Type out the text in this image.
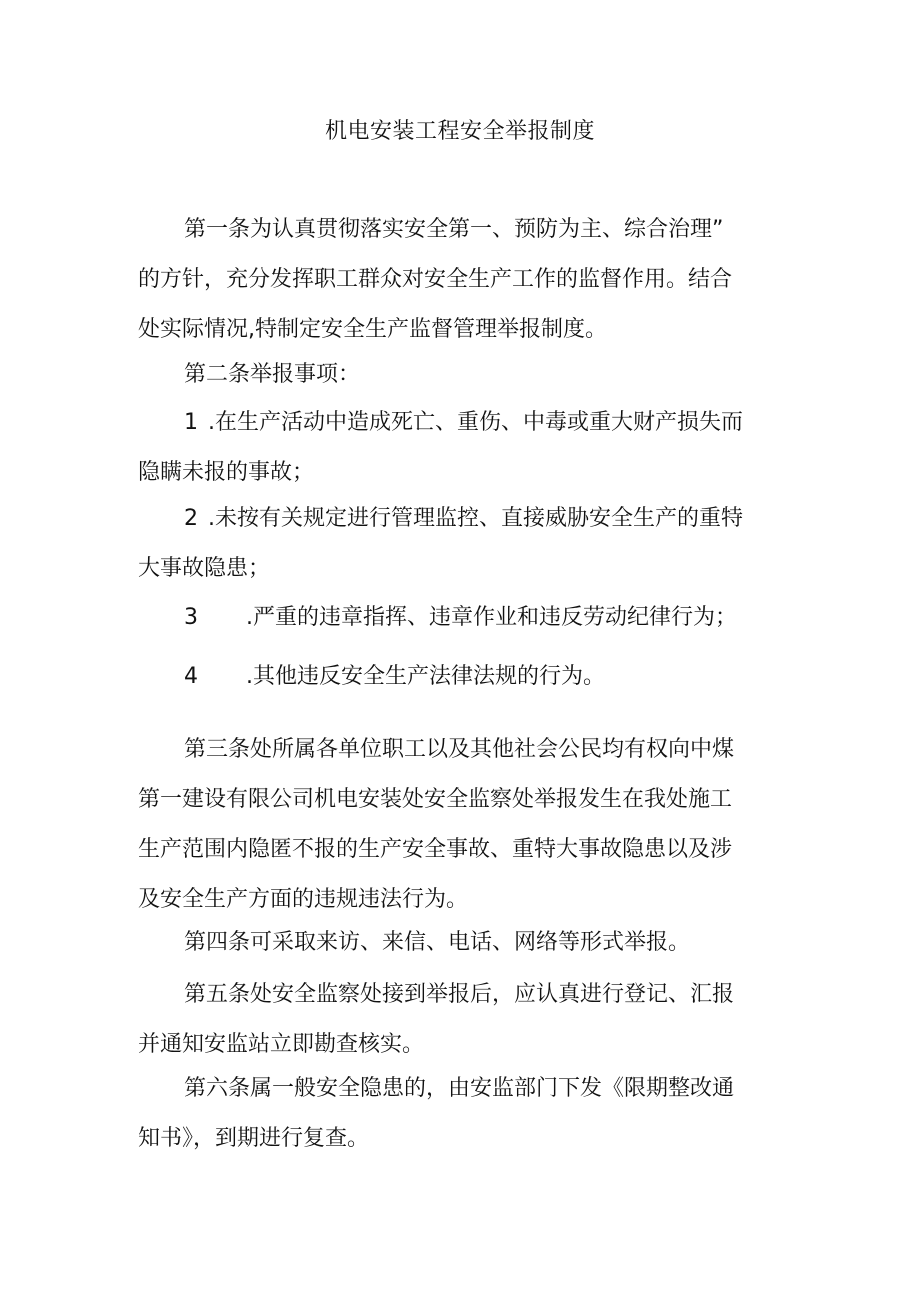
机电安装工程安全举报制度
第一条为认真贯彻落实安全第一、预防为主、综合治理”
的方针，充分发挥职工群众对安全生产工作的监督作用。结合
处实际情况,特制定安全生产监督管理举报制度。
第二条举报事项：
1 .在生产活动中造成死亡、重伤、中毒或重大财产损失而
隐瞒未报的事故；
2 .未按有关规定进行管理监控、直接威胁安全生产的重特
大事故隐患；
3 .严重的违章指挥、违章作业和违反劳动纪律行为；
4 .其他违反安全生产法律法规的行为。
第三条处所属各单位职工以及其他社会公民均有权向中煤
第一建设有限公司机电安装处安全监察处举报发生在我处施工
生产范围内隐匿不报的生产安全事故、重特大事故隐患以及涉
及安全生产方面的违规违法行为。
第四条可采取来访、来信、电话、网络等形式举报。
第五条处安全监察处接到举报后，应认真进行登记、汇报
并通知安监站立即勘查核实。
第六条属一般安全隐患的，由安监部门下发《限期整改通
知书》，到期进行复查。
